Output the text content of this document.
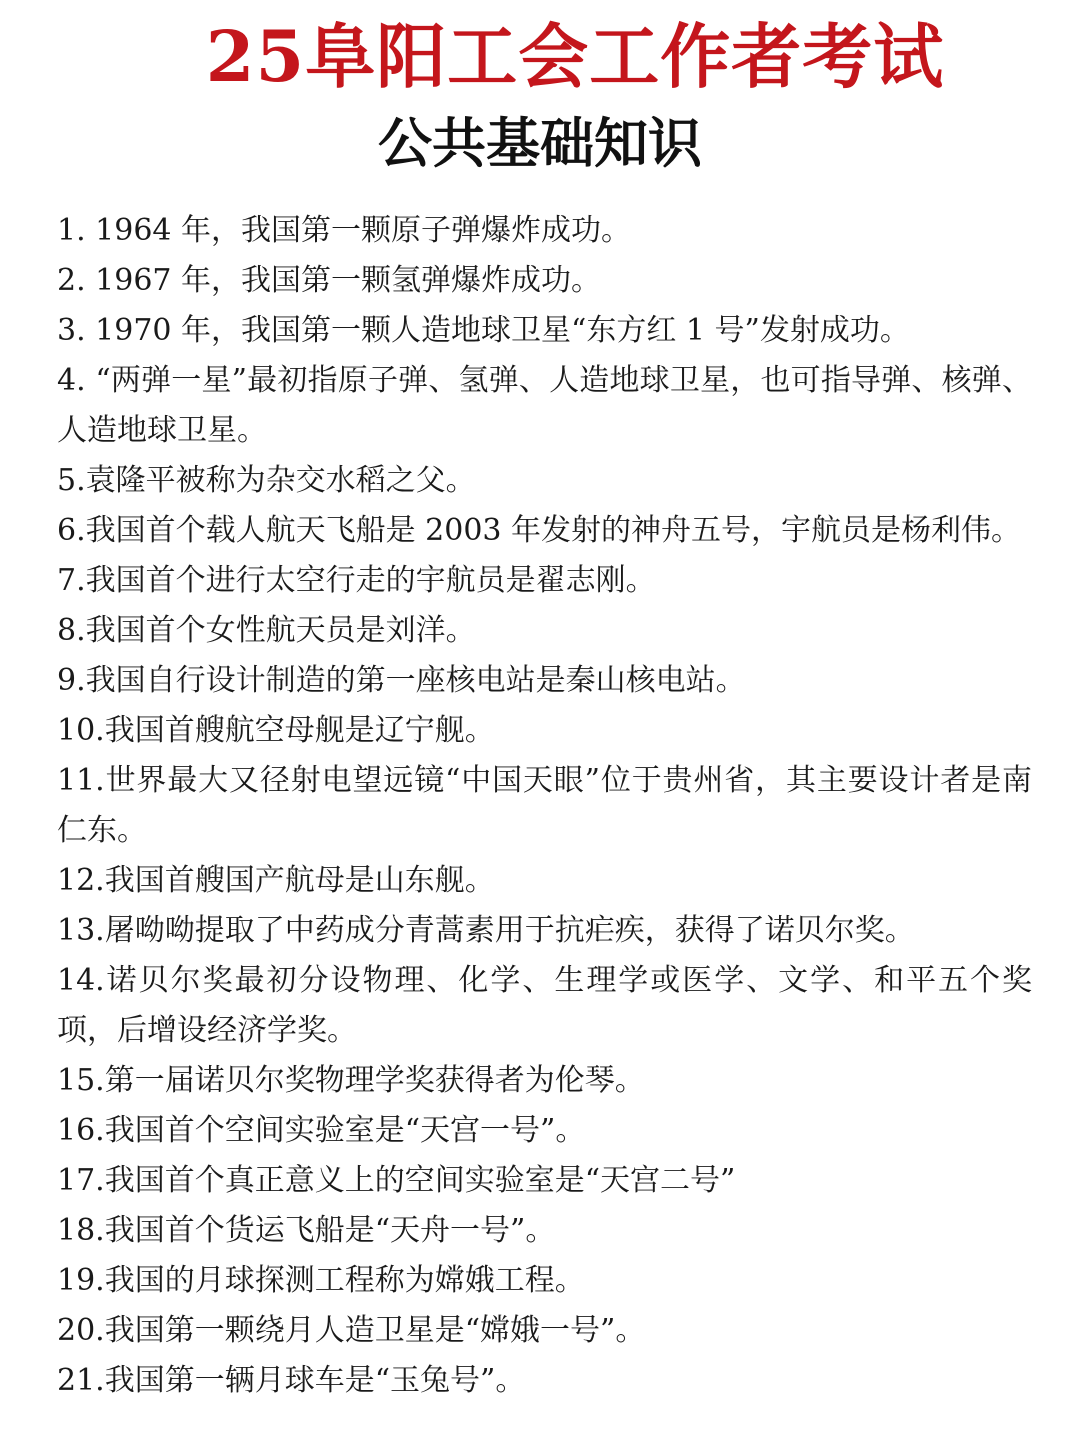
25阜阳工会工作者考试
公共基础知识
1. 1964 年，我国第一颗原子弹爆炸成功。
2. 1967 年，我国第一颗氢弹爆炸成功。
3. 1970 年，我国第一颗人造地球卫星“东方红 1 号”发射成功。
4. “两弹一星”最初指原子弹、氢弹、人造地球卫星，也可指导弹、核弹、人造地球卫星。
5.袁隆平被称为杂交水稻之父。
6.我国首个载人航天飞船是 2003 年发射的神舟五号，宇航员是杨利伟。
7.我国首个进行太空行走的宇航员是翟志刚。
8.我国首个女性航天员是刘洋。
9.我国自行设计制造的第一座核电站是秦山核电站。
10.我国首艘航空母舰是辽宁舰。
11.世界最大又径射电望远镜“中国天眼”位于贵州省，其主要设计者是南仁东。
12.我国首艘国产航母是山东舰。
13.屠呦呦提取了中药成分青蒿素用于抗疟疾，获得了诺贝尔奖。
14.诺贝尔奖最初分设物理、化学、生理学或医学、文学、和平五个奖项，后增设经济学奖。
15.第一届诺贝尔奖物理学奖获得者为伦琴。
16.我国首个空间实验室是“天宫一号”。
17.我国首个真正意义上的空间实验室是“天宫二号”
18.我国首个货运飞船是“天舟一号”。
19.我国的月球探测工程称为嫦娥工程。
20.我国第一颗绕月人造卫星是“嫦娥一号”。
21.我国第一辆月球车是“玉兔号”。
